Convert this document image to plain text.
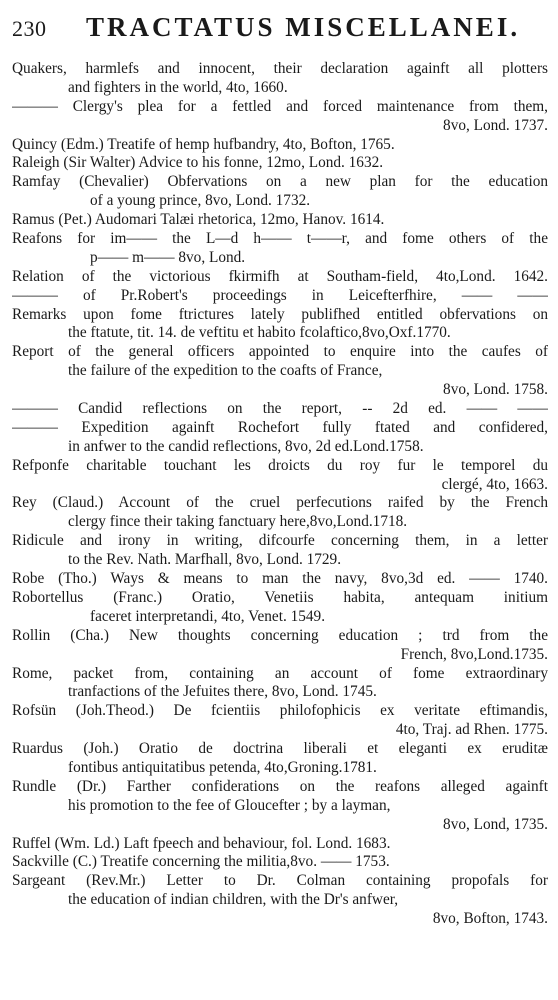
230 TRACTATUS MISCELLANEI.
Quakers, harmlefs and innocent, their declaration againft all plotters
and fighters in the world, 4to, 1660.
——— Clergy's plea for a fettled and forced maintenance from them,
8vo, Lond. 1737.
Quincy (Edm.) Treatife of hemp hufbandry, 4to, Bofton, 1765.
Raleigh (Sir Walter) Advice to his fonne, 12mo, Lond. 1632.
Ramfay (Chevalier) Obfervations on a new plan for the education
of a young prince, 8vo, Lond. 1732.
Ramus (Pet.) Audomari Talæi rhetorica, 12mo, Hanov. 1614.
Reafons for im—— the L—d h—— t——r, and fome others of the
p—— m—— 8vo, Lond.
Relation of the victorious fkirmifh at Southam-field, 4to,Lond. 1642.
——— of Pr.Robert's proceedings in Leicefterfhire, —— ——
Remarks upon fome ftrictures lately publifhed entitled obfervations on
the ftatute, tit. 14. de veftitu et habito fcolaftico,8vo,Oxf.1770.
Report of the general officers appointed to enquire into the caufes of
the failure of the expedition to the coafts of France,
8vo, Lond. 1758.
——— Candid reflections on the report, -- 2d ed. —— ——
——— Expedition againft Rochefort fully ftated and confidered,
in anfwer to the candid reflections, 8vo, 2d ed.Lond.1758.
Refponfe charitable touchant les droicts du roy fur le temporel du
clergé, 4to, 1663.
Rey (Claud.) Account of the cruel perfecutions raifed by the French
clergy fince their taking fanctuary here,8vo,Lond.1718.
Ridicule and irony in writing, difcourfe concerning them, in a letter
to the Rev. Nath. Marfhall, 8vo, Lond. 1729.
Robe (Tho.) Ways & means to man the navy, 8vo,3d ed. —— 1740.
Robortellus (Franc.) Oratio, Venetiis habita, antequam initium
faceret interpretandi, 4to, Venet. 1549.
Rollin (Cha.) New thoughts concerning education ; trd from the
French, 8vo,Lond.1735.
Rome, packet from, containing an account of fome extraordinary
tranfactions of the Jefuites there, 8vo, Lond. 1745.
Rofsün (Joh.Theod.) De fcientiis philofophicis ex veritate eftimandis,
4to, Traj. ad Rhen. 1775.
Ruardus (Joh.) Oratio de doctrina liberali et eleganti ex eruditæ
fontibus antiquitatibus petenda, 4to,Groning.1781.
Rundle (Dr.) Farther confiderations on the reafons alleged againft
his promotion to the fee of Gloucefter ; by a layman,
8vo, Lond, 1735.
Ruffel (Wm. Ld.) Laft fpeech and behaviour, fol. Lond. 1683.
Sackville (C.) Treatife concerning the militia,8vo. —— 1753.
Sargeant (Rev.Mr.) Letter to Dr. Colman containing propofals for
the education of indian children, with the Dr's anfwer,
8vo, Bofton, 1743.
